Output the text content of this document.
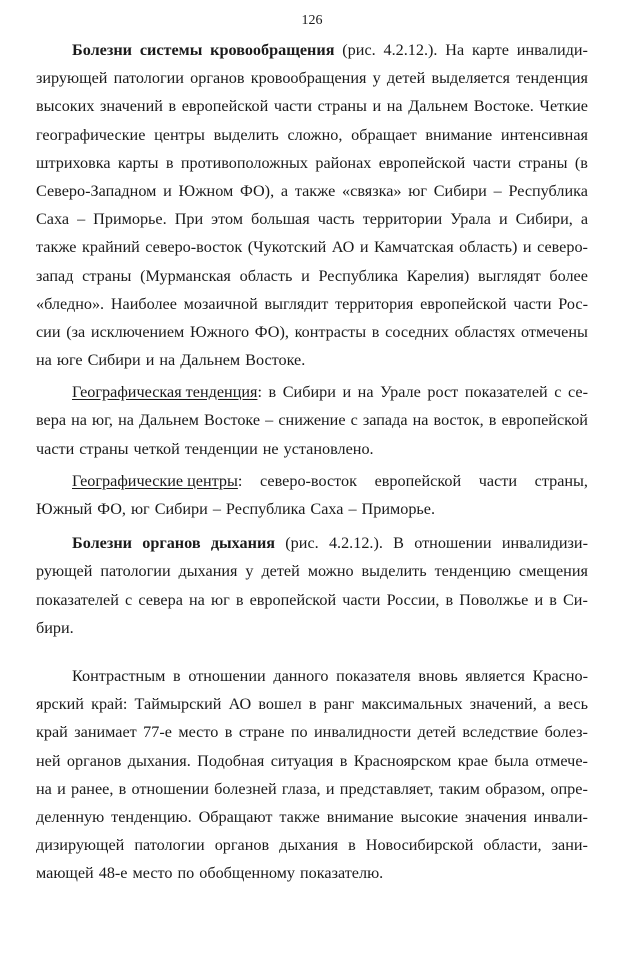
126
Болезни системы кровообращения (рис. 4.2.12.). На карте инвалиди-
зирующей патологии органов кровообращения у детей выделяется тенденция
высоких значений в европейской части страны и на Дальнем Востоке. Четкие
географические центры выделить сложно, обращает внимание интенсивная
штриховка карты в противоположных районах европейской части страны (в
Северо-Западном и Южном ФО), а также «связка» юг Сибири – Республика
Саха – Приморье. При этом большая часть территории Урала и Сибири, а
также крайний северо-восток (Чукотский АО и Камчатская область) и северо-
запад страны (Мурманская область и Республика Карелия) выглядят более
«бледно». Наиболее мозаичной выглядит территория европейской части Рос-
сии (за исключением Южного ФО), контрасты в соседних областях отмечены
на юге Сибири и на Дальнем Востоке.
Географическая тенденция: в Сибири и на Урале рост показателей с се-
вера на юг, на Дальнем Востоке – снижение с запада на восток, в европейской
части страны четкой тенденции не установлено.
Географические центры: северо-восток европейской части страны,
Южный ФО, юг Сибири – Республика Саха – Приморье.
Болезни органов дыхания (рис. 4.2.12.). В отношении инвалидизи-
рующей патологии дыхания у детей можно выделить тенденцию смещения
показателей с севера на юг в европейской части России, в Поволжье и в Си-
бири.
Контрастным в отношении данного показателя вновь является Красно-
ярский край: Таймырский АО вошел в ранг максимальных значений, а весь
край занимает 77-е место в стране по инвалидности детей вследствие болез-
ней органов дыхания. Подобная ситуация в Красноярском крае была отмече-
на и ранее, в отношении болезней глаза, и представляет, таким образом, опре-
деленную тенденцию. Обращают также внимание высокие значения инвали-
дизирующей патологии органов дыхания в Новосибирской области, зани-
мающей 48-е место по обобщенному показателю.
